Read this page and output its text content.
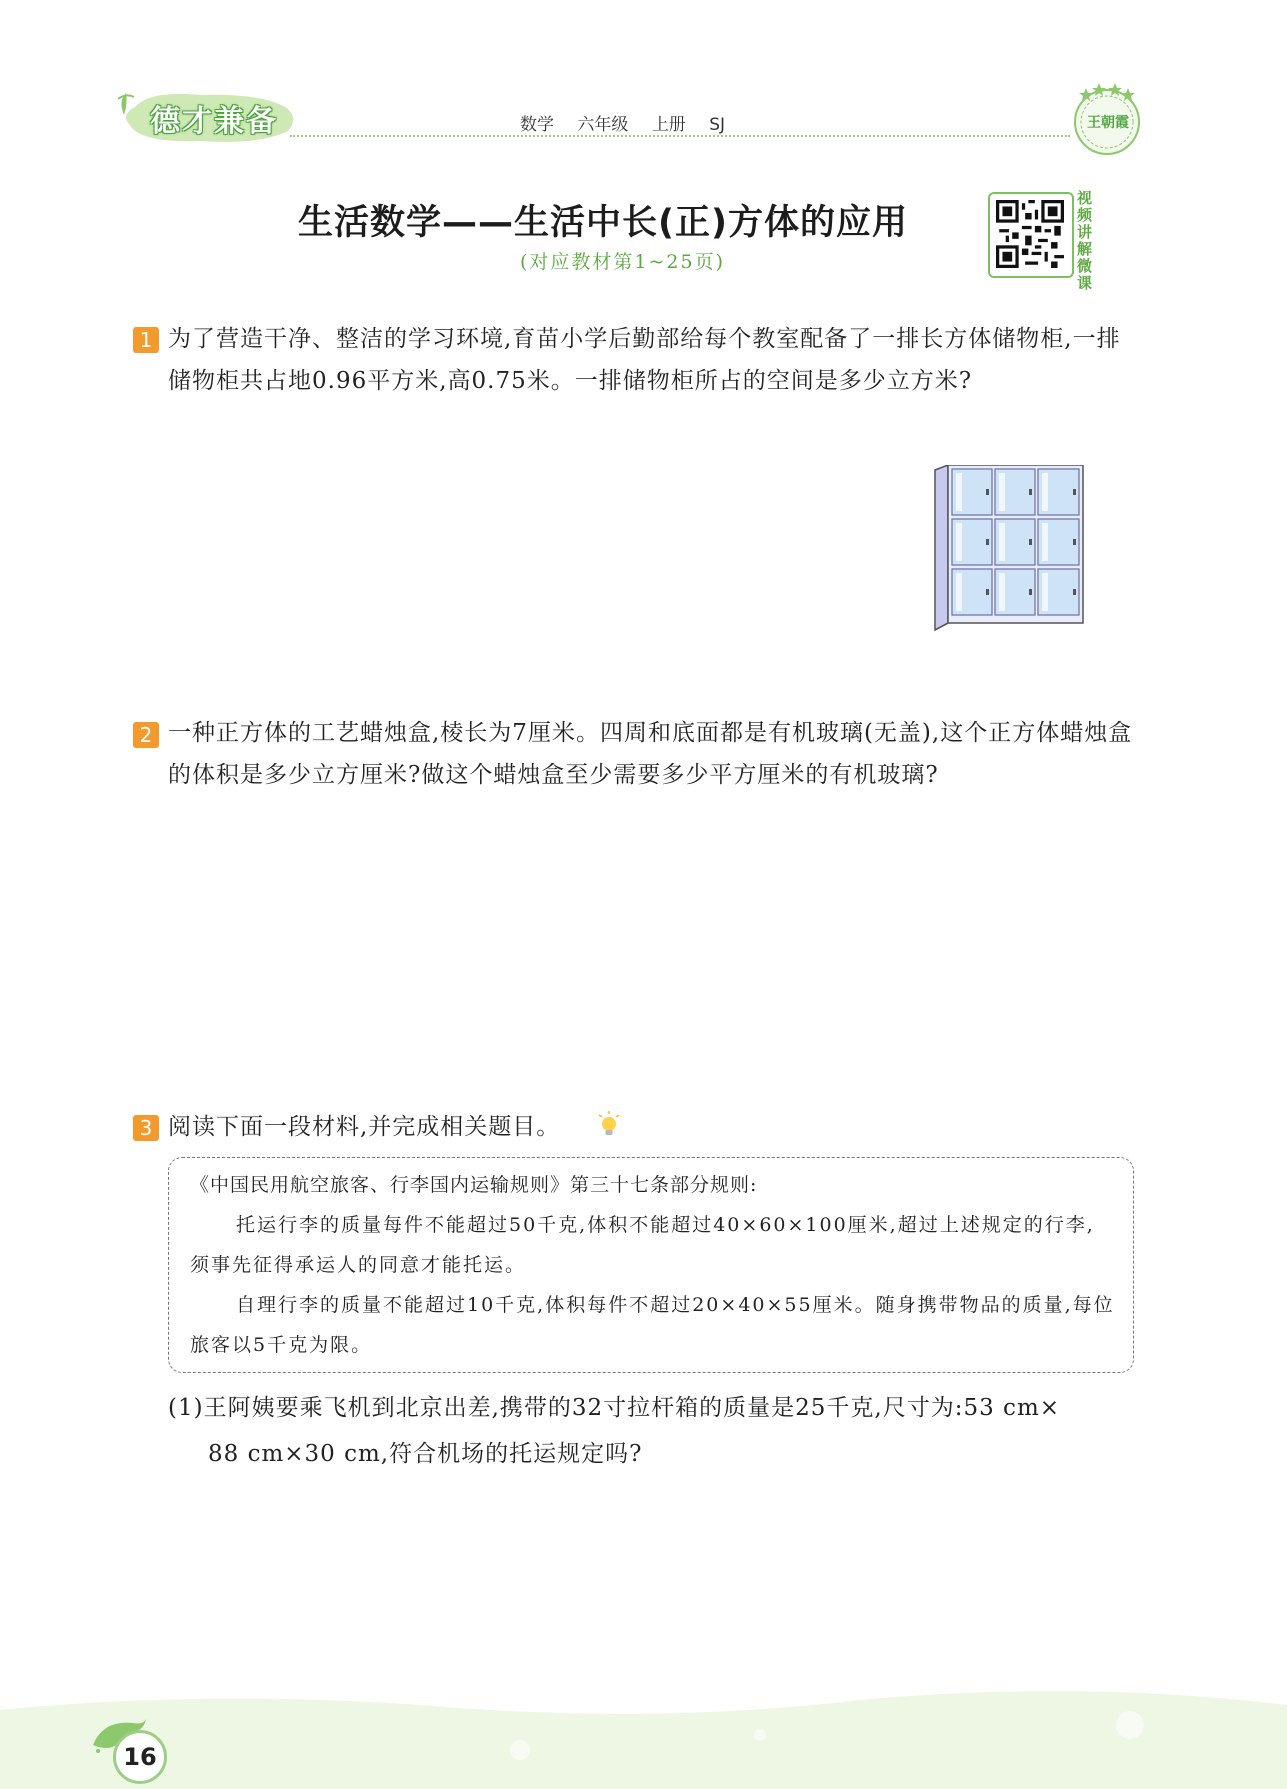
德才兼备	数学 六年级 上册 SJ	王朝霞
生活数学——生活中长(正)方体的应用
(对应教材第1~25页)
视频讲解微课
1 为了营造干净、整洁的学习环境,育苗小学后勤部给每个教室配备了一排长方体储物柜,一排储物柜共占地0.96平方米,高0.75米。一排储物柜所占的空间是多少立方米?
2 一种正方体的工艺蜡烛盒,棱长为7厘米。四周和底面都是有机玻璃(无盖),这个正方体蜡烛盒的体积是多少立方厘米?做这个蜡烛盒至少需要多少平方厘米的有机玻璃?
3 阅读下面一段材料,并完成相关题目。
《中国民用航空旅客、行李国内运输规则》第三十七条部分规则:
托运行李的质量每件不能超过50千克,体积不能超过40×60×100厘米,超过上述规定的行李,须事先征得承运人的同意才能托运。
自理行李的质量不能超过10千克,体积每件不超过20×40×55厘米。随身携带物品的质量,每位旅客以5千克为限。
(1)王阿姨要乘飞机到北京出差,携带的32寸拉杆箱的质量是25千克,尺寸为:53 cm×
88 cm×30 cm,符合机场的托运规定吗?
16
